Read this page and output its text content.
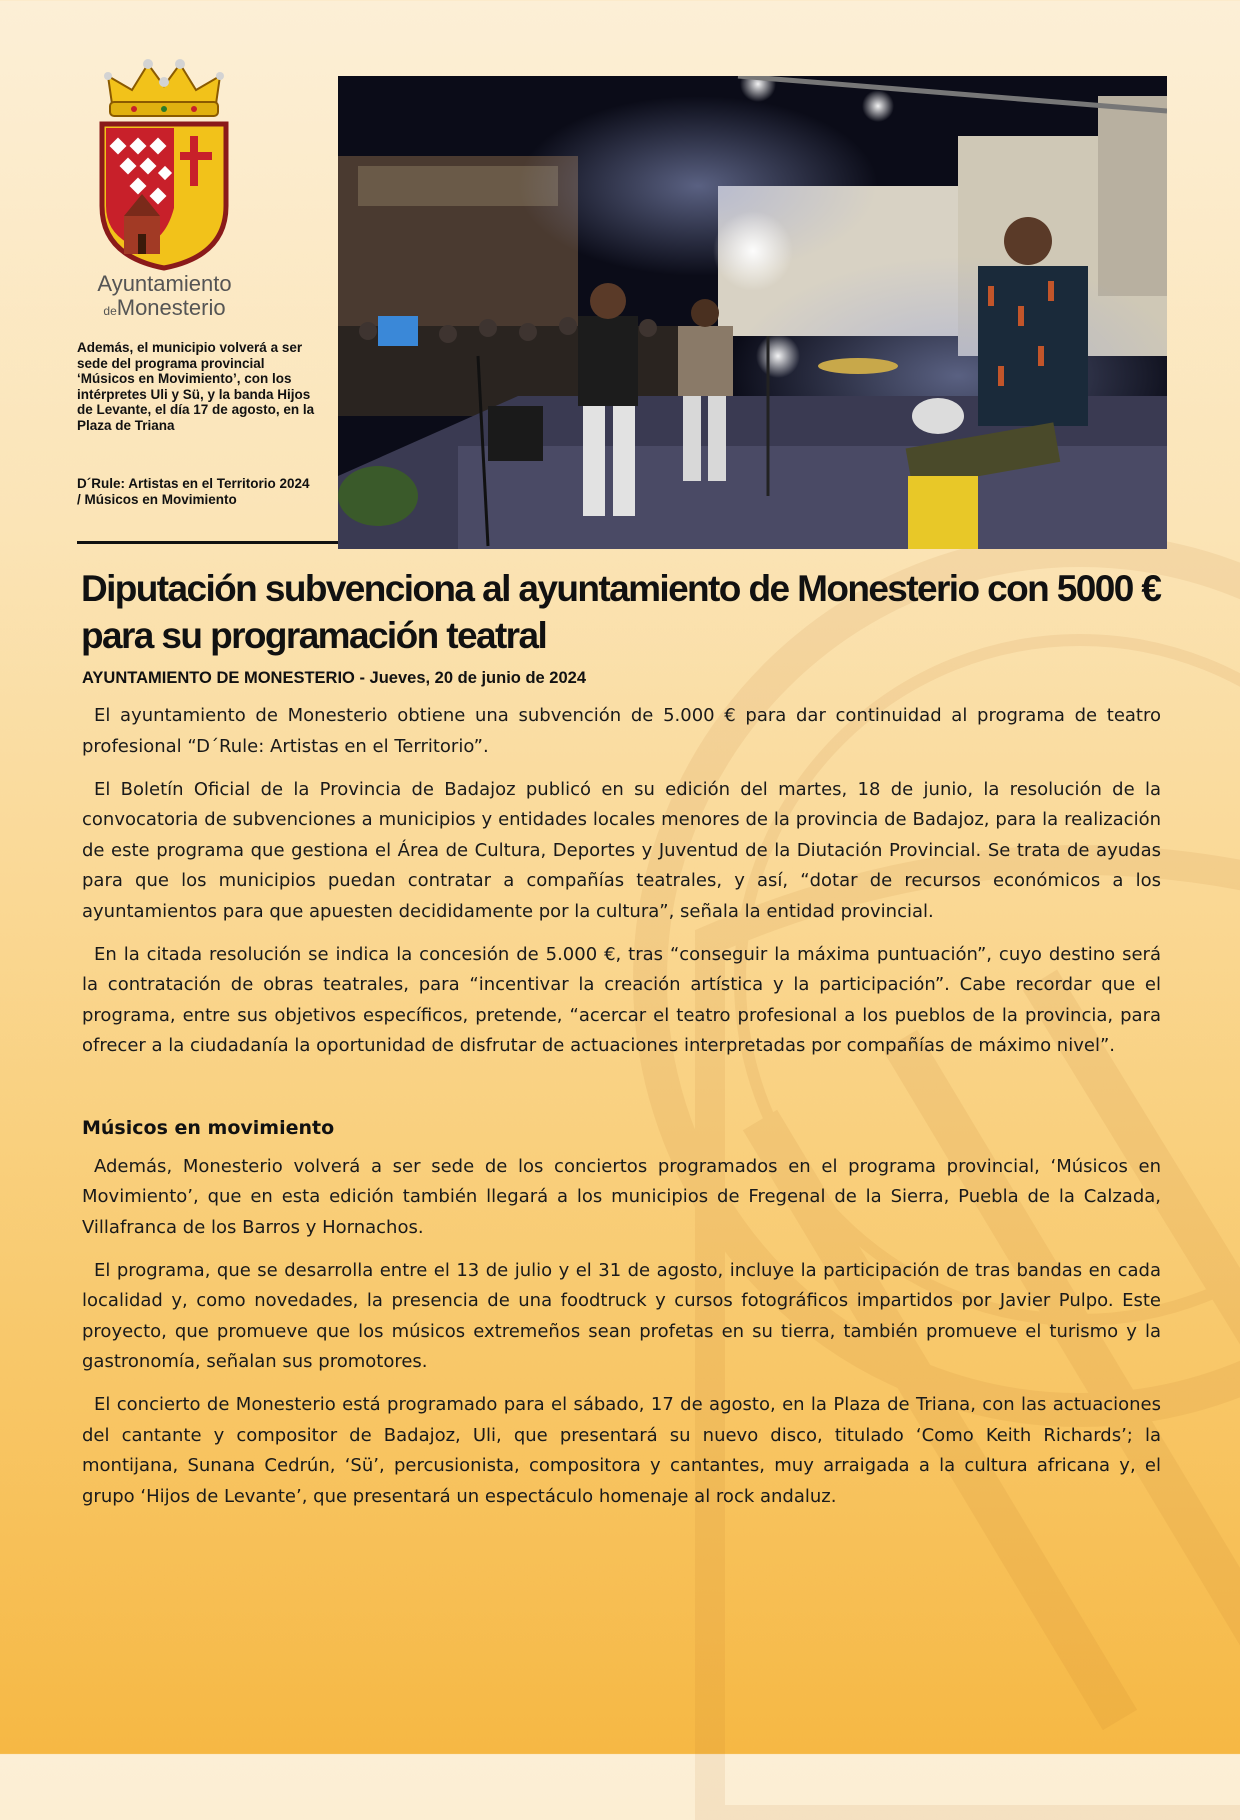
Ayuntamiento
deMonesterio

Además, el municipio volverá a ser sede del programa provincial ‘Músicos en Movimiento’, con los intérpretes Uli y Sü, y la banda Hijos de Levante, el día 17 de agosto, en la Plaza de Triana

D´Rule: Artistas en el Territorio 2024 / Músicos en Movimiento

Diputación subvenciona al ayuntamiento de Monesterio con 5000 € para su programación teatral

AYUNTAMIENTO DE MONESTERIO - Jueves, 20 de junio de 2024

El ayuntamiento de Monesterio obtiene una subvención de 5.000 € para dar continuidad al programa de teatro profesional “D´Rule: Artistas en el Territorio”.

El Boletín Oficial de la Provincia de Badajoz publicó en su edición del martes, 18 de junio, la resolución de la convocatoria de subvenciones a municipios y entidades locales menores de la provincia de Badajoz, para la realización de este programa que gestiona el Área de Cultura, Deportes y Juventud de la Diutación Provincial. Se trata de ayudas para que los municipios puedan contratar a compañías teatrales, y así, “dotar de recursos económicos a los ayuntamientos para que apuesten decididamente por la cultura”, señala la entidad provincial.

En la citada resolución se indica la concesión de 5.000 €, tras “conseguir la máxima puntuación”, cuyo destino será la contratación de obras teatrales, para “incentivar la creación artística y la participación”. Cabe recordar que el programa, entre sus objetivos específicos, pretende, “acercar el teatro profesional a los pueblos de la provincia, para ofrecer a la ciudadanía la oportunidad de disfrutar de actuaciones interpretadas por compañías de máximo nivel”.

Músicos en movimiento

Además, Monesterio volverá a ser sede de los conciertos programados en el programa provincial, ‘Músicos en Movimiento’, que en esta edición también llegará a los municipios de Fregenal de la Sierra, Puebla de la Calzada, Villafranca de los Barros y Hornachos.

El programa, que se desarrolla entre el 13 de julio y el 31 de agosto, incluye la participación de tras bandas en cada localidad y, como novedades, la presencia de una foodtruck y cursos fotográficos impartidos por Javier Pulpo. Este proyecto, que promueve que los músicos extremeños sean profetas en su tierra, también promueve el turismo y la gastronomía, señalan sus promotores.

El concierto de Monesterio está programado para el sábado, 17 de agosto, en la Plaza de Triana, con las actuaciones del cantante y compositor de Badajoz, Uli, que presentará su nuevo disco, titulado ‘Como Keith Richards’; la montijana, Sunana Cedrún, ‘Sü’, percusionista, compositora y cantantes, muy arraigada a la cultura africana y, el grupo ‘Hijos de Levante’, que presentará un espectáculo homenaje al rock andaluz.
